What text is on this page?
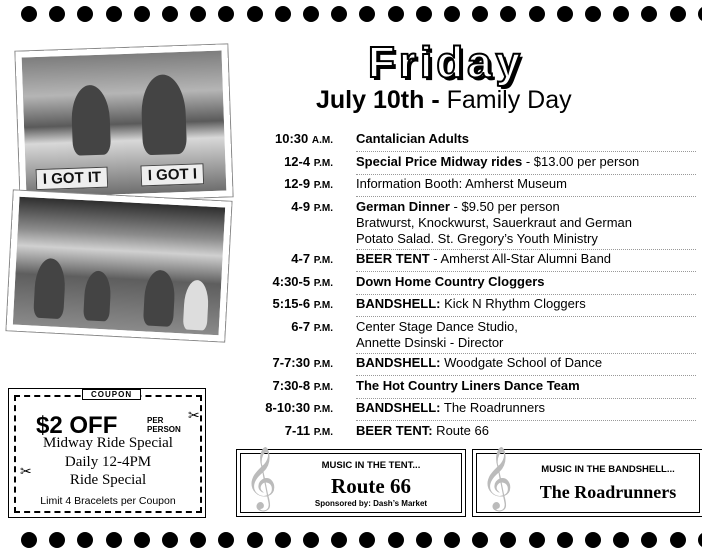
I GOT IT	I GOT I
Friday
July 10th - Family Day
10:30 A.M.	Cantalician Adults
12-4 P.M.	Special Price Midway rides - $13.00 per person
12-9 P.M.	Information Booth: Amherst Museum
4-9 P.M.	German Dinner - $9.50 per person
Bratwurst, Knockwurst, Sauerkraut and German
Potato Salad. St. Gregory’s Youth Ministry
4-7 P.M.	BEER TENT - Amherst All-Star Alumni Band
4:30-5 P.M.	Down Home Country Cloggers
5:15-6 P.M.	BANDSHELL: Kick N Rhythm Cloggers
6-7 P.M.	Center Stage Dance Studio,
Annette Dsinski - Director
7-7:30 P.M.	BANDSHELL: Woodgate School of Dance
7:30-8 P.M.	The Hot Country Liners Dance Team
8-10:30 P.M.	BANDSHELL: The Roadrunners
7-11 P.M.	BEER TENT: Route 66
COUPON
✂
✂
$2 OFF	PER
PERSON
Midway Ride Special
Daily 12-4PM
Ride Special
Limit 4 Bracelets per Coupon	𝄞	MUSIC IN THE TENT...
Route 66
Sponsored by: Dash’s Market 𝄞	MUSIC IN THE BANDSHELL...
The Roadrunners
